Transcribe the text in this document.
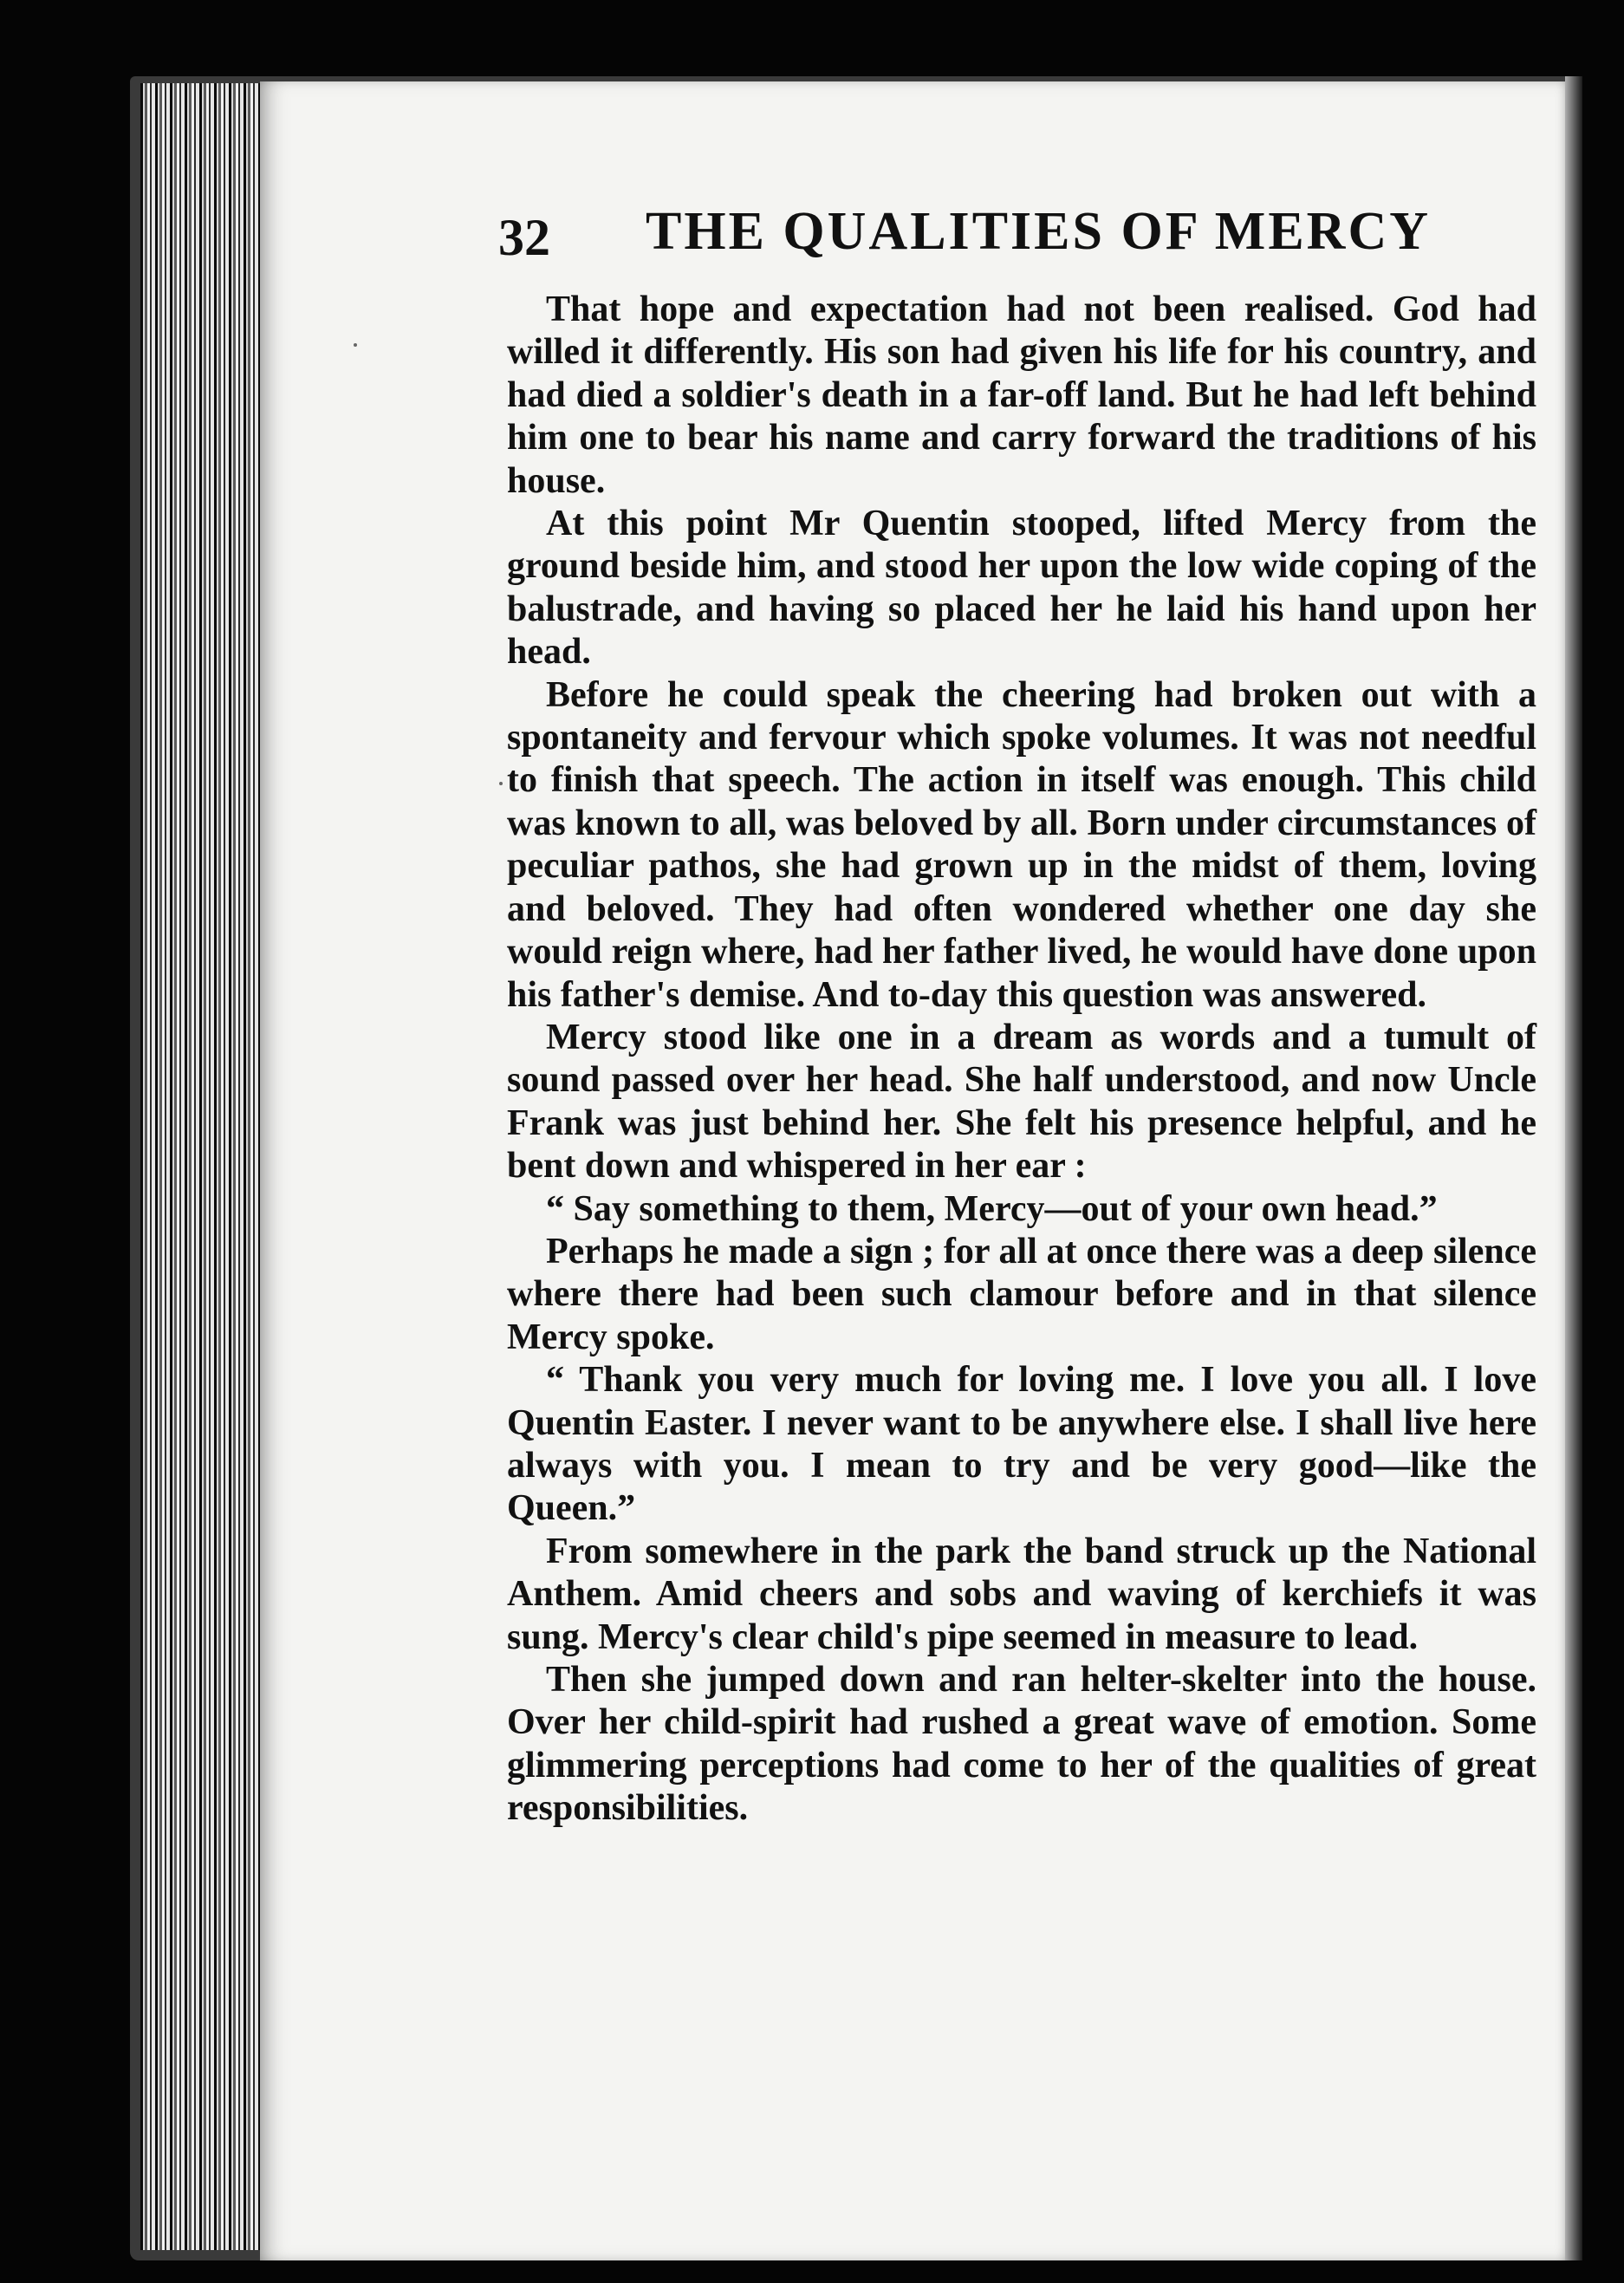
32 THE QUALITIES OF MERCY

That hope and expectation had not been realised. God had willed it differently. His son had given his life for his country, and had died a soldier's death in a far-off land. But he had left behind him one to bear his name and carry forward the traditions of his house.

At this point Mr Quentin stooped, lifted Mercy from the ground beside him, and stood her upon the low wide coping of the balustrade, and having so placed her he laid his hand upon her head.

Before he could speak the cheering had broken out with a spontaneity and fervour which spoke volumes. It was not needful to finish that speech. The action in itself was enough. This child was known to all, was beloved by all. Born under circumstances of peculiar pathos, she had grown up in the midst of them, loving and beloved. They had often wondered whether one day she would reign where, had her father lived, he would have done upon his father's demise. And to-day this question was answered.

Mercy stood like one in a dream as words and a tumult of sound passed over her head. She half understood, and now Uncle Frank was just behind her. She felt his presence helpful, and he bent down and whispered in her ear :

“ Say something to them, Mercy—out of your own head.”

Perhaps he made a sign ; for all at once there was a deep silence where there had been such clamour before and in that silence Mercy spoke.

“ Thank you very much for loving me. I love you all. I love Quentin Easter. I never want to be anywhere else. I shall live here always with you. I mean to try and be very good—like the Queen.”

From somewhere in the park the band struck up the National Anthem. Amid cheers and sobs and waving of kerchiefs it was sung. Mercy's clear child's pipe seemed in measure to lead.

Then she jumped down and ran helter-skelter into the house. Over her child-spirit had rushed a great wave of emotion. Some glimmering perceptions had come to her of the qualities of great responsibilities.
